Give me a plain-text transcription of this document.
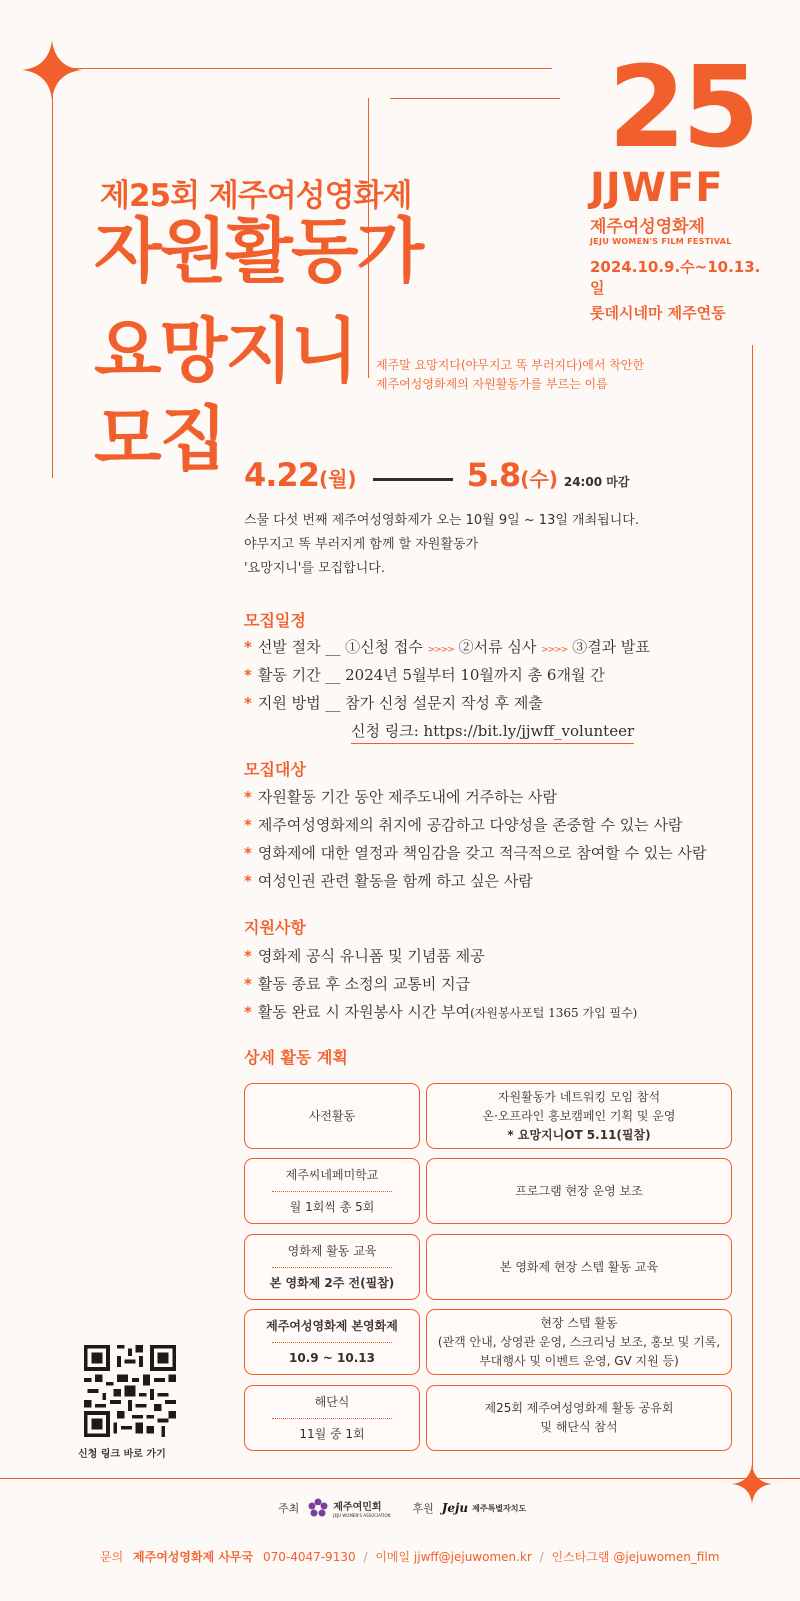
제25회 제주여성영화제
자원활동가
요망지니
모집
제주말 요망지다(야무지고 똑 부러지다)에서 착안한
제주여성영화제의 자원활동가를 부르는 이름
4.22 (월)	5.8 (수) 24:00 마감
25
JJWFF
제주여성영화제
JEJU WOMEN'S FILM FESTIVAL
2024.10.9.수~10.13.일
롯데시네마 제주연동
스물 다섯 번째 제주여성영화제가 오는 10월 9일 ~ 13일 개최됩니다.
야무지고 똑 부러지게 함께 할 자원활동가
'요망지니'를 모집합니다.
모집일정
* 선발 절차 __ ①신청 접수 >>>> ②서류 심사 >>>> ③결과 발표
* 활동 기간 __ 2024년 5월부터 10월까지 총 6개월 간
* 지원 방법 __ 참가 신청 설문지 작성 후 제출
신청 링크: https://bit.ly/jjwff_volunteer
모집대상
* 자원활동 기간 동안 제주도내에 거주하는 사람
* 제주여성영화제의 취지에 공감하고 다양성을 존중할 수 있는 사람
* 영화제에 대한 열정과 책임감을 갖고 적극적으로 참여할 수 있는 사람
* 여성인권 관련 활동을 함께 하고 싶은 사람
지원사항
* 영화제 공식 유니폼 및 기념품 제공
* 활동 종료 후 소정의 교통비 지급
* 활동 완료 시 자원봉사 시간 부여(자원봉사포털 1365 가입 필수)
상세 활동 계획
사전활동
자원활동가 네트워킹 모임 참석
온·오프라인 홍보캠페인 기획 및 운영
* 요망지니OT 5.11(필참)
제주씨네페미학교
월 1회씩 총 5회
프로그램 현장 운영 보조
영화제 활동 교육
본 영화제 2주 전(필참)
본 영화제 현장 스텝 활동 교육
제주여성영화제 본영화제
10.9 ~ 10.13
현장 스텝 활동
(관객 안내, 상영관 운영, 스크리닝 보조, 홍보 및 기록,
부대행사 및 이벤트 운영, GV 지원 등)
해단식
11월 중 1회
제25회 제주여성영화제 활동 공유회
및 해단식 참석
신청 링크 바로 가기
주최	제주여민회
JEJU WOMEN'S ASSOCIATION
후원 Jeju 제주특별자치도
문의 제주여성영화제 사무국 070-4047-9130 / 이메일 jjwff@jejuwomen.kr / 인스타그램 @jejuwomen_film
